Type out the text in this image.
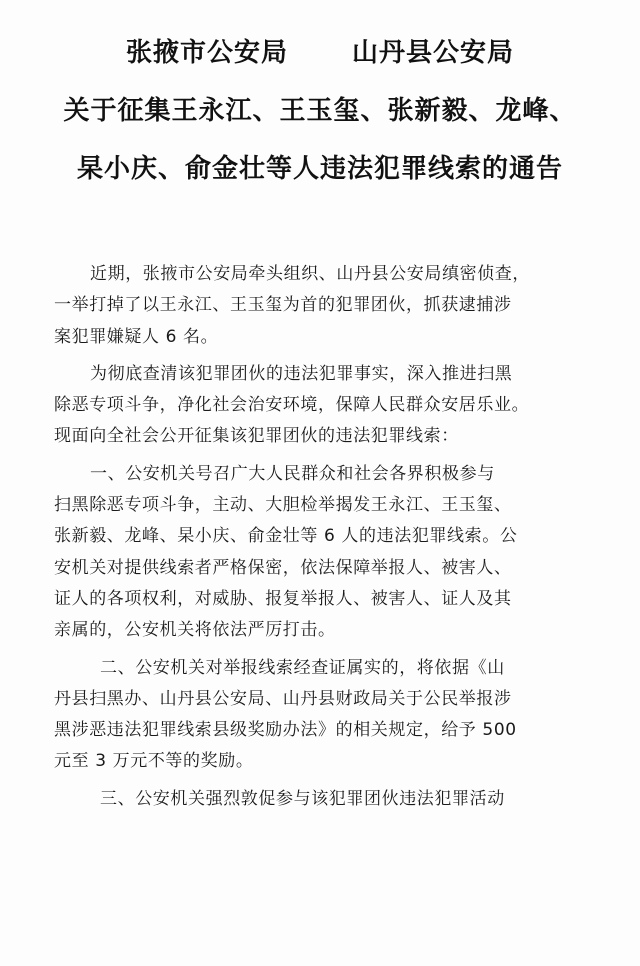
张掖市公安局 山丹县公安局
关于征集王永江、王玉玺、张新毅、龙峰、
杲小庆、俞金壮等人违法犯罪线索的通告
近期，张掖市公安局牵头组织、山丹县公安局缜密侦查，
一举打掉了以王永江、王玉玺为首的犯罪团伙，抓获逮捕涉
案犯罪嫌疑人 6 名。
为彻底查清该犯罪团伙的违法犯罪事实，深入推进扫黑
除恶专项斗争，净化社会治安环境，保障人民群众安居乐业。
现面向全社会公开征集该犯罪团伙的违法犯罪线索：
一、公安机关号召广大人民群众和社会各界积极参与
扫黑除恶专项斗争，主动、大胆检举揭发王永江、王玉玺、
张新毅、龙峰、杲小庆、俞金壮等 6 人的违法犯罪线索。公
安机关对提供线索者严格保密，依法保障举报人、被害人、
证人的各项权利，对威胁、报复举报人、被害人、证人及其
亲属的，公安机关将依法严厉打击。
二、公安机关对举报线索经查证属实的，将依据《山
丹县扫黑办、山丹县公安局、山丹县财政局关于公民举报涉
黑涉恶违法犯罪线索县级奖励办法》的相关规定，给予 500
元至 3 万元不等的奖励。
三、公安机关强烈敦促参与该犯罪团伙违法犯罪活动
